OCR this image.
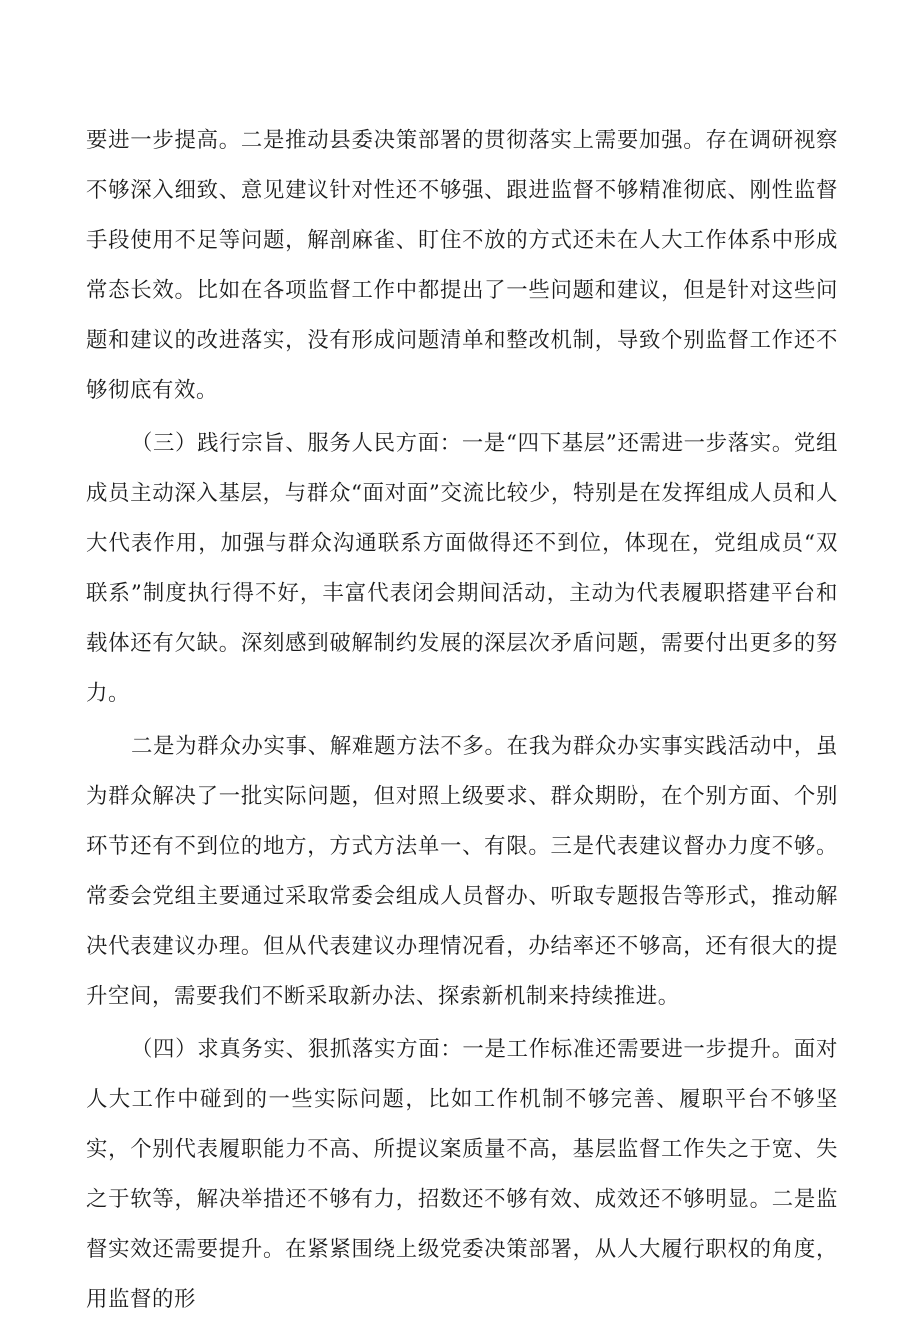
要进一步提高。二是推动县委决策部署的贯彻落实上需要加强。存在调研视察不够深入细致、意见建议针对性还不够强、跟进监督不够精准彻底、刚性监督手段使用不足等问题，解剖麻雀、盯住不放的方式还未在人大工作体系中形成常态长效。比如在各项监督工作中都提出了一些问题和建议，但是针对这些问题和建议的改进落实，没有形成问题清单和整改机制，导致个别监督工作还不够彻底有效。

（三）践行宗旨、服务人民方面：一是“四下基层”还需进一步落实。党组成员主动深入基层，与群众“面对面”交流比较少，特别是在发挥组成人员和人大代表作用，加强与群众沟通联系方面做得还不到位，体现在，党组成员“双联系”制度执行得不好，丰富代表闭会期间活动，主动为代表履职搭建平台和载体还有欠缺。深刻感到破解制约发展的深层次矛盾问题，需要付出更多的努力。

二是为群众办实事、解难题方法不多。在我为群众办实事实践活动中，虽为群众解决了一批实际问题，但对照上级要求、群众期盼，在个别方面、个别环节还有不到位的地方，方式方法单一、有限。三是代表建议督办力度不够。常委会党组主要通过采取常委会组成人员督办、听取专题报告等形式，推动解决代表建议办理。但从代表建议办理情况看，办结率还不够高，还有很大的提升空间，需要我们不断采取新办法、探索新机制来持续推进。

（四）求真务实、狠抓落实方面：一是工作标准还需要进一步提升。面对人大工作中碰到的一些实际问题，比如工作机制不够完善、履职平台不够坚实，个别代表履职能力不高、所提议案质量不高，基层监督工作失之于宽、失之于软等，解决举措还不够有力，招数还不够有效、成效还不够明显。二是监督实效还需要提升。在紧紧围绕上级党委决策部署，从人大履行职权的角度，用监督的形
